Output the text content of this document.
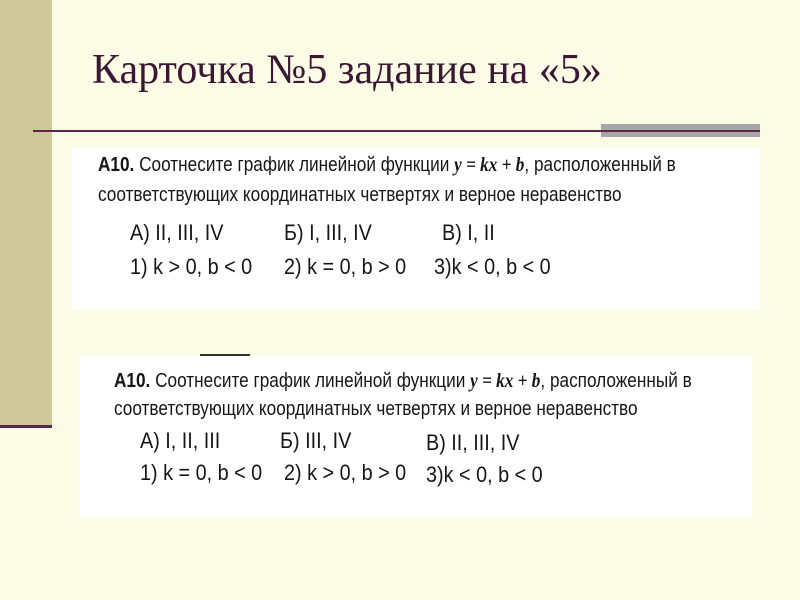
Карточка №5 задание на «5»
А10. Соотнесите график линейной функции y = kx + b, расположенный в
соответствующих координатных четвертях и верное неравенство
А) II, III, IV	Б) I, III, IV	В) I, II
1) k > 0, b < 0 2) k = 0, b > 0 3)k < 0, b < 0
А10. Соотнесите график линейной функции y = kx + b, расположенный в
соответствующих координатных четвертях и верное неравенство
А) I, II, III	Б) III, IV	В) II, III, IV
1) k = 0, b < 0 2) k > 0, b > 0 3)k < 0, b < 0
